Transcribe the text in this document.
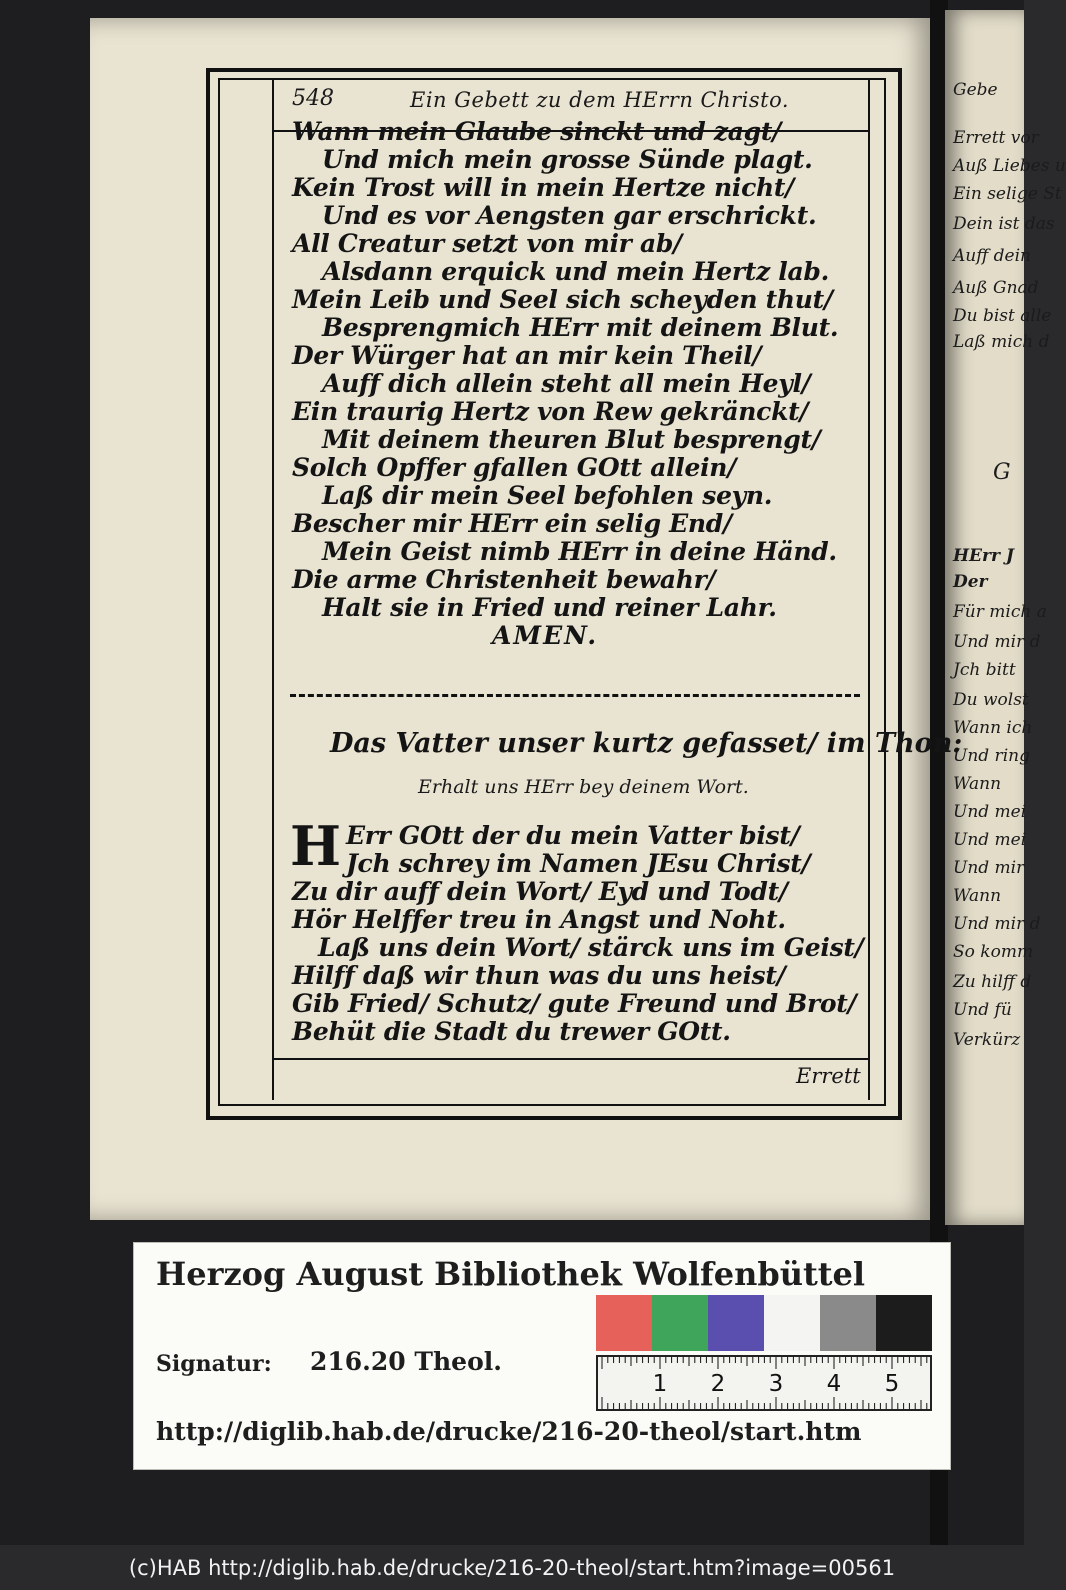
Gebe
Errett vor
Auß Liebes u
Ein selige St
Dein ist das
Auff dein
Auß Gnad
Du bist alle
Laß mich d
G
HErr J
Der
Für mich a
Und mir d
Jch bitt
Du wolst
Wann ich
Und ring
Wann
Und mei
Und mei
Und mir
Wann
Und mir d
So komm
Zu hilff d
Und fü
Verkürz
548	Ein Gebett zu dem HErrn Christo.
Wann mein Glaube sinckt und zagt/
Und mich mein grosse Sünde plagt.
Kein Trost will in mein Hertze nicht/
Und es vor Aengsten gar erschrickt.
All Creatur setzt von mir ab/
Alsdann erquick und mein Hertz lab.
Mein Leib und Seel sich scheyden thut/
Besprengmich HErr mit deinem Blut.
Der Würger hat an mir kein Theil/
Auff dich allein steht all mein Heyl/
Ein traurig Hertz von Rew gekränckt/
Mit deinem theuren Blut besprengt/
Solch Opffer gfallen GOtt allein/
Laß dir mein Seel befohlen seyn.
Bescher mir HErr ein selig End/
Mein Geist nimb HErr in deine Händ.
Die arme Christenheit bewahr/
Halt sie in Fried und reiner Lahr.
AMEN.
Das Vatter unser kurtz gefasset/ im Thon:
Erhalt uns HErr bey deinem Wort.
H Err GOtt der du mein Vatter bist/
Jch schrey im Namen JEsu Christ/
Zu dir auff dein Wort/ Eyd und Todt/
Hör Helffer treu in Angst und Noht.
Laß uns dein Wort/ stärck uns im Geist/
Hilff daß wir thun was du uns heist/
Gib Fried/ Schutz/ gute Freund und Brot/
Behüt die Stadt du trewer GOtt.
Errett
Herzog August Bibliothek Wolfenbüttel
Signatur: 216.20 Theol.
1 2 3 4 5
http://diglib.hab.de/drucke/216-20-theol/start.htm
(c)HAB http://diglib.hab.de/drucke/216-20-theol/start.htm?image=00561
